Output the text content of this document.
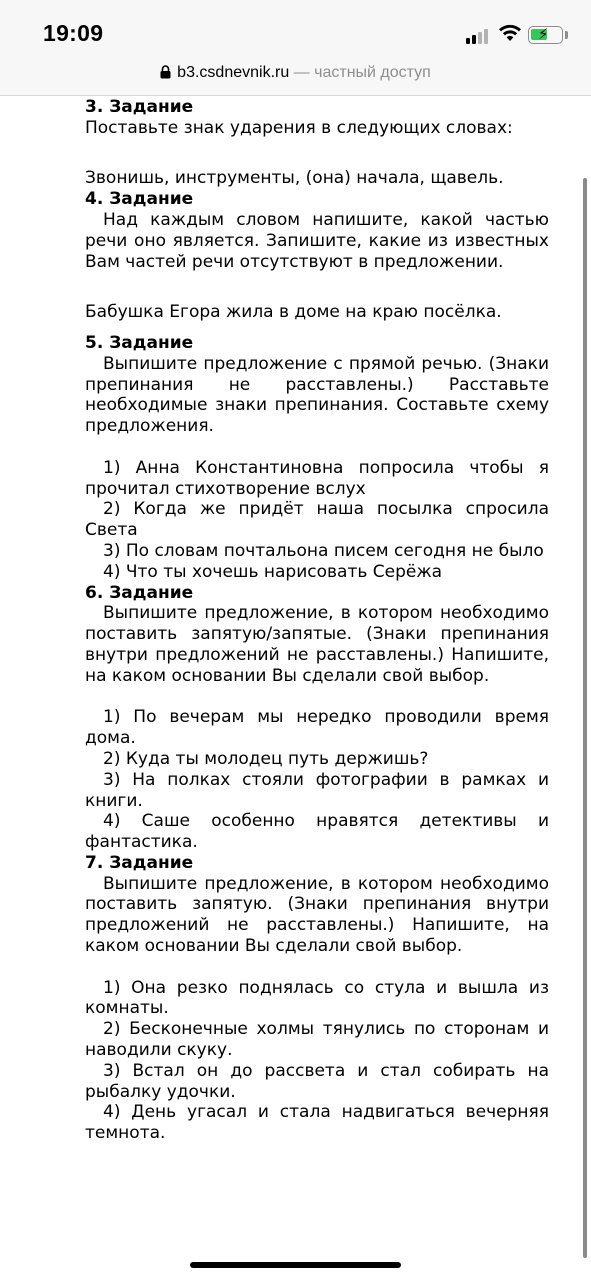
19:09	⚡
b3.csdnevnik.ru — частный доступ
3. Задание

Поставьте знак ударения в следующих словах:

Звонишь, инструменты, (она) начала, щавель.

4. Задание

Над каждым словом напишите, какой частью речи оно является. Запишите, какие из известных Вам частей речи отсутствуют в предложении.

Бабушка Егора жила в доме на краю посёлка.

5. Задание

Выпишите предложение с прямой речью. (Знаки препинания не расставлены.) Расставьте необходимые знаки препинания. Составьте схему предложения.

1) Анна Константиновна попросила чтобы я прочитал стихотворение вслух

2) Когда же придёт наша посылка спросила Света

3) По словам почтальона писем сегодня не было

4) Что ты хочешь нарисовать Серёжа

6. Задание

Выпишите предложение, в котором необходимо поставить запятую/запятые. (Знаки препинания внутри предложений не расставлены.) Напишите, на каком основании Вы сделали свой выбор.

1) По вечерам мы нередко проводили время дома.

2) Куда ты молодец путь держишь?

3) На полках стояли фотографии в рамках и книги.

4) Саше особенно нравятся детективы и фантастика.

7. Задание

Выпишите предложение, в котором необходимо поставить запятую. (Знаки препинания внутри предложений не расставлены.) Напишите, на каком основании Вы сделали свой выбор.

1) Она резко поднялась со стула и вышла из комнаты.

2) Бесконечные холмы тянулись по сторонам и наводили скуку.

3) Встал он до рассвета и стал собирать на рыбалку удочки.

4) День угасал и стала надвигаться вечерняя темнота.
